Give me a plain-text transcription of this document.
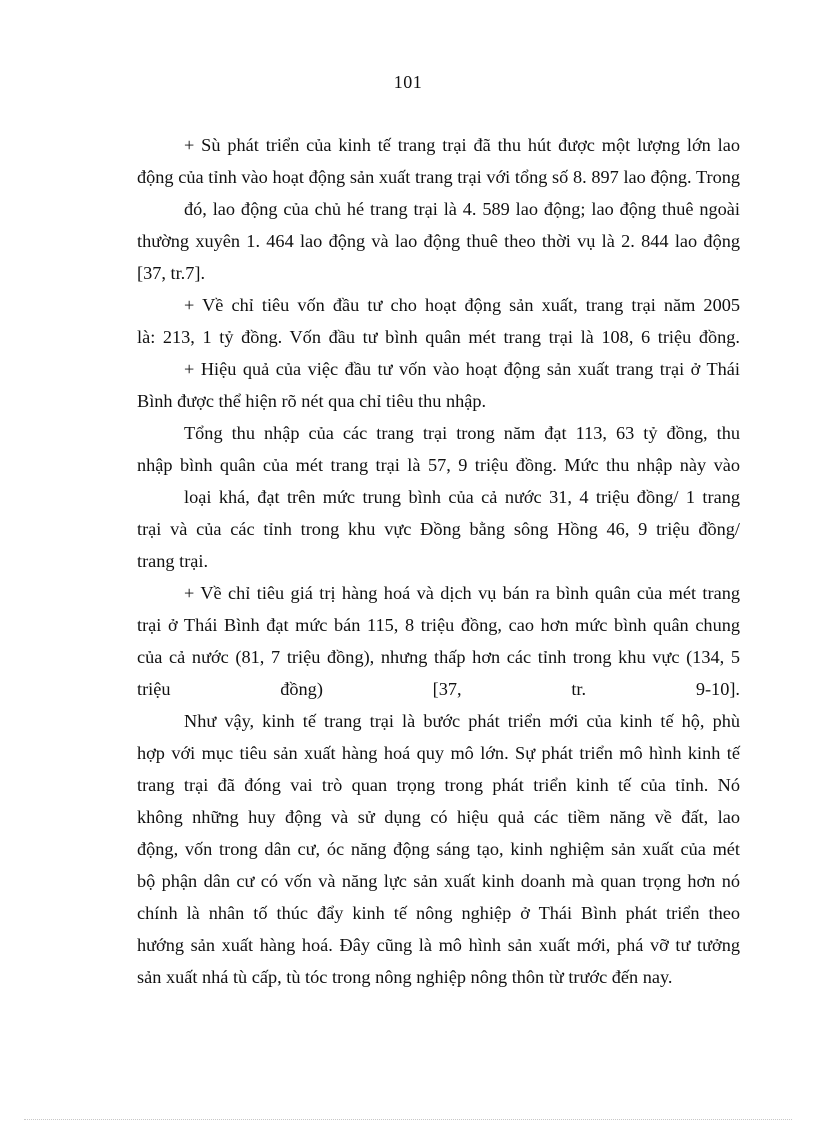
101
+ Sù phát triển của kinh tế trang trại đã thu hút được một lượng lớn lao
động của tỉnh vào hoạt động sản xuất trang trại với tổng số 8. 897 lao động. Trong
đó, lao động của chủ hé trang trại là 4. 589 lao động; lao động thuê ngoài
thường xuyên 1. 464 lao động và lao động thuê theo thời vụ là 2. 844 lao động
[37, tr.7].
+ Về chỉ tiêu vốn đầu tư cho hoạt động sản xuất, trang trại năm 2005
là: 213, 1 tỷ đồng. Vốn đầu tư bình quân mét trang trại là 108, 6 triệu đồng.
+ Hiệu quả của việc đầu tư vốn vào hoạt động sản xuất trang trại ở Thái
Bình được thể hiện rõ nét qua chỉ tiêu thu nhập.
Tổng thu nhập của các trang trại trong năm đạt 113, 63 tỷ đồng, thu
nhập bình quân của mét trang trại là 57, 9 triệu đồng. Mức thu nhập này vào
loại khá, đạt trên mức trung bình của cả nước 31, 4 triệu đồng/ 1 trang
trại và của các tỉnh trong khu vực Đồng bằng sông Hồng 46, 9 triệu đồng/
trang trại.
+ Về chỉ tiêu giá trị hàng hoá và dịch vụ bán ra bình quân của mét trang
trại ở Thái Bình đạt mức bán 115, 8 triệu đồng, cao hơn mức bình quân chung
của cả nước (81, 7 triệu đồng), nhưng thấp hơn các tỉnh trong khu vực (134, 5
triệu đồng) [37, tr. 9-10].
Như vậy, kinh tế trang trại là bước phát triển mới của kinh tế hộ, phù
hợp với mục tiêu sản xuất hàng hoá quy mô lớn. Sự phát triển mô hình kinh tế
trang trại đã đóng vai trò quan trọng trong phát triển kinh tế của tỉnh. Nó
không những huy động và sử dụng có hiệu quả các tiềm năng về đất, lao
động, vốn trong dân cư, óc năng động sáng tạo, kinh nghiệm sản xuất của mét
bộ phận dân cư có vốn và năng lực sản xuất kinh doanh mà quan trọng hơn nó
chính là nhân tố thúc đẩy kinh tế nông nghiệp ở Thái Bình phát triển theo
hướng sản xuất hàng hoá. Đây cũng là mô hình sản xuất mới, phá vỡ tư tưởng
sản xuất nhá tù cấp, tù tóc trong nông nghiệp nông thôn từ trước đến nay.
